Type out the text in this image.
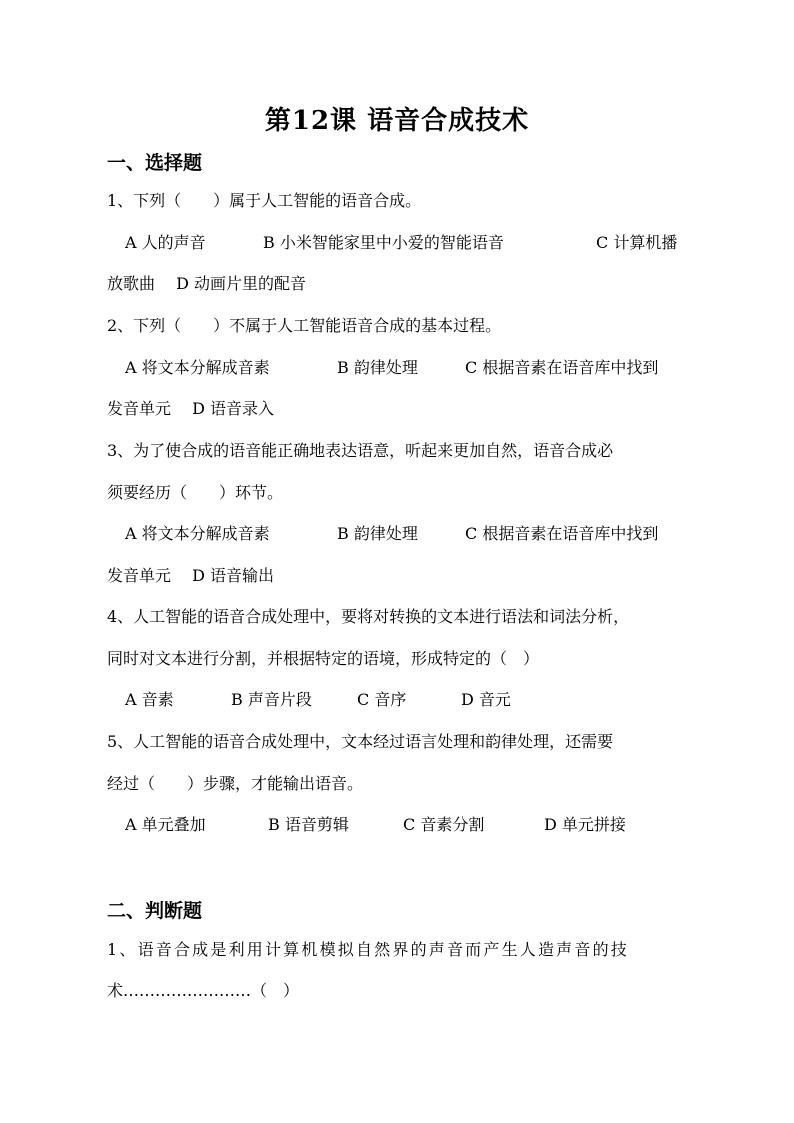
第12课 语音合成技术
一、选择题
1、下列（　　）属于人工智能的语音合成。
A 人的声音	B 小米智能家里中小爱的智能语音	C 计算机播
放歌曲　 D 动画片里的配音
2、下列（　　）不属于人工智能语音合成的基本过程。
A 将文本分解成音素	B 韵律处理	C 根据音素在语音库中找到
发音单元　 D 语音录入
3、为了使合成的语音能正确地表达语意，听起来更加自然，语音合成必
须要经历（　　）环节。
A 将文本分解成音素	B 韵律处理	C 根据音素在语音库中找到
发音单元　 D 语音输出
4、人工智能的语音合成处理中，要将对转换的文本进行语法和词法分析，
同时对文本进行分割，并根据特定的语境，形成特定的（　）
A 音素	B 声音片段	C 音序	D 音元
5、人工智能的语音合成处理中，文本经过语言处理和韵律处理，还需要
经过（　　）步骤，才能输出语音。
A 单元叠加	B 语音剪辑	C 音素分割	D 单元拼接
二、判断题
1、语音合成是利用计算机模拟自然界的声音而产生人造声音的技
术……………………（　）
